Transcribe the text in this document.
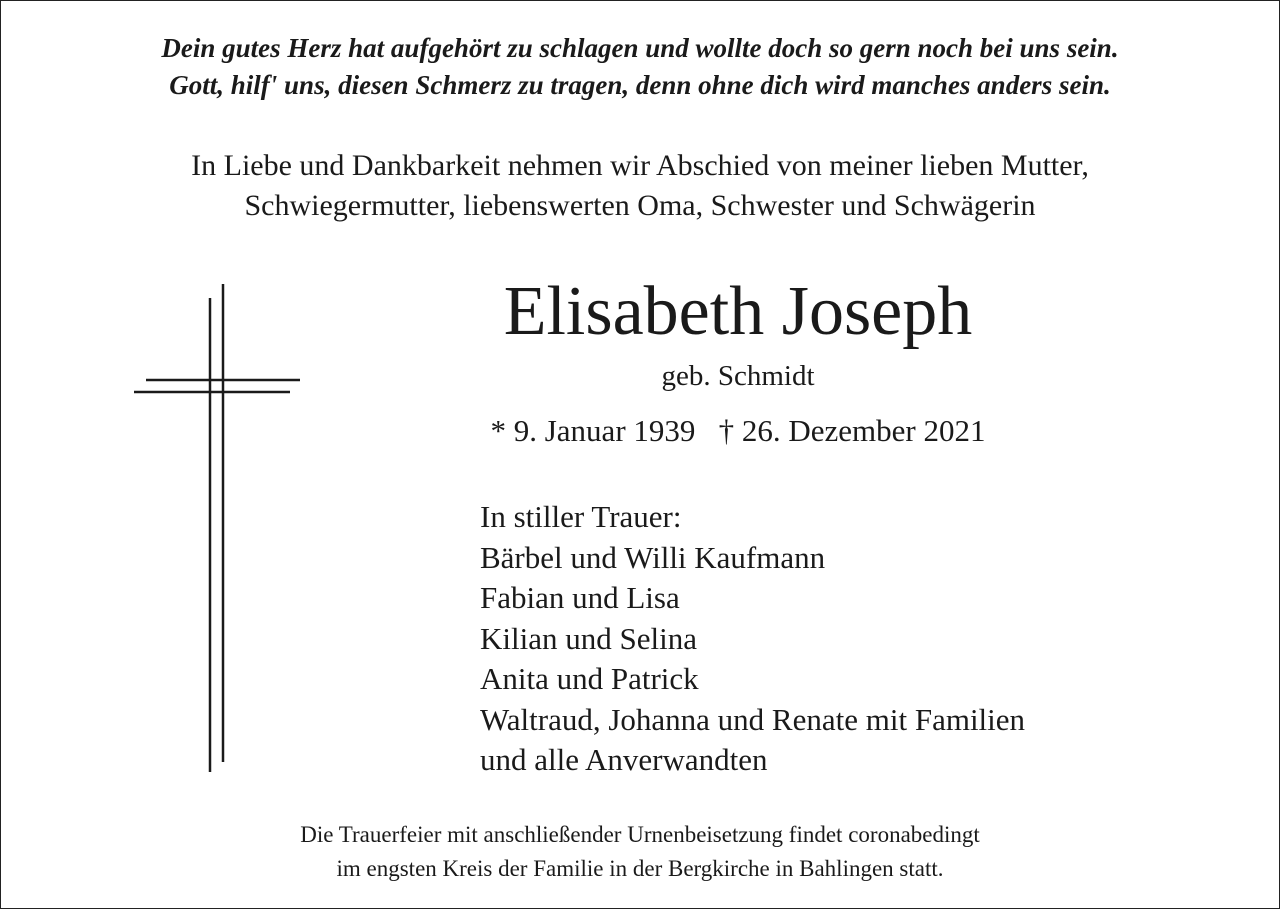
Dein gutes Herz hat aufgehört zu schlagen und wollte doch so gern noch bei uns sein.
Gott, hilf' uns, diesen Schmerz zu tragen, denn ohne dich wird manches anders sein.
In Liebe und Dankbarkeit nehmen wir Abschied von meiner lieben Mutter,
Schwiegermutter, liebenswerten Oma, Schwester und Schwägerin
Elisabeth Joseph
geb. Schmidt
* 9. Januar 1939   † 26. Dezember 2021
In stiller Trauer:
Bärbel und Willi Kaufmann
Fabian und Lisa
Kilian und Selina
Anita und Patrick
Waltraud, Johanna und Renate mit Familien
und alle Anverwandten
Die Trauerfeier mit anschließender Urnenbeisetzung findet coronabedingt
im engsten Kreis der Familie in der Bergkirche in Bahlingen statt.
